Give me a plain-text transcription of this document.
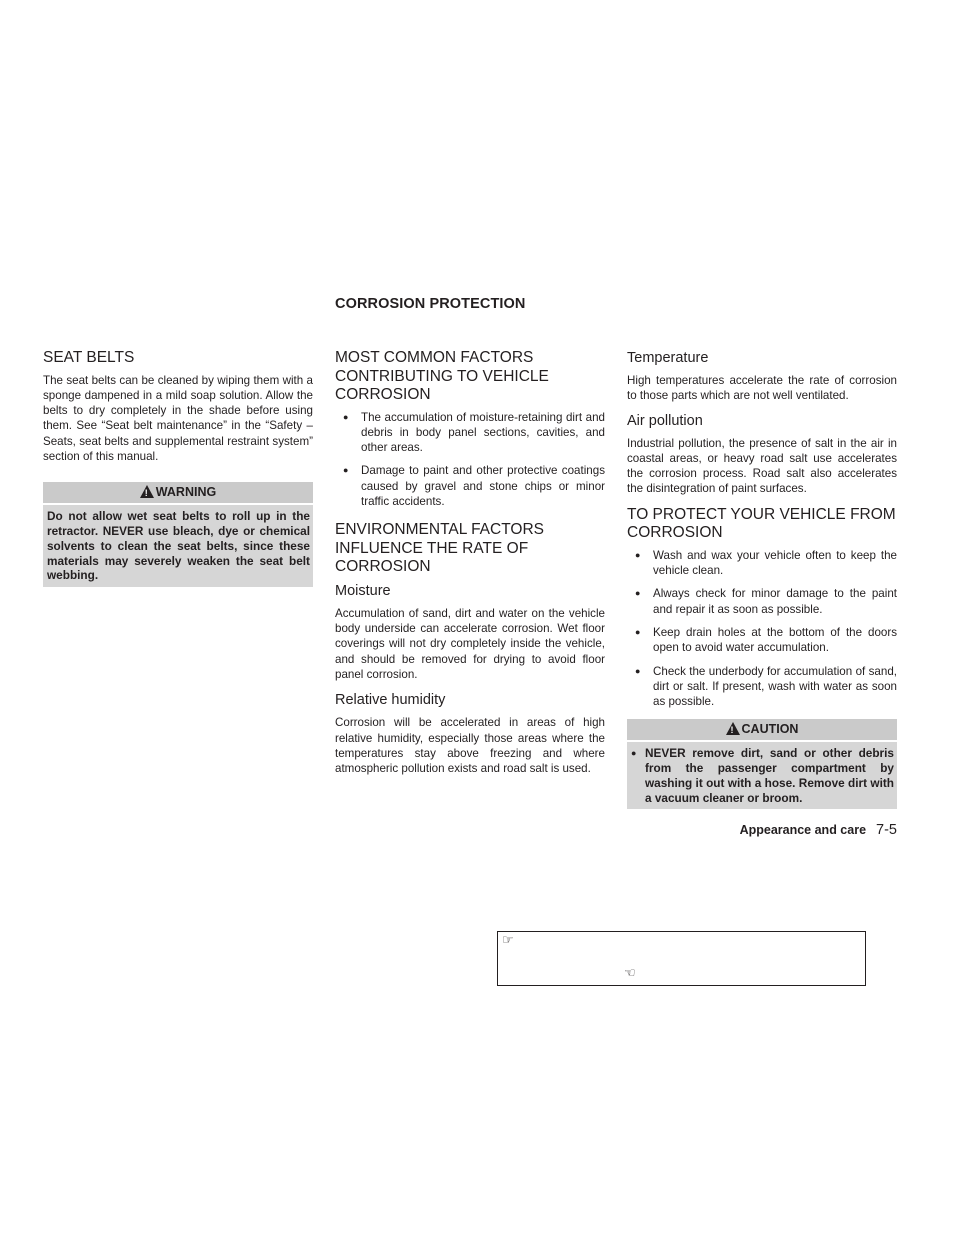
CORROSION PROTECTION
SEAT BELTS

The seat belts can be cleaned by wiping them with a sponge dampened in a mild soap solution. Allow the belts to dry completely in the shade before using them. See “Seat belt maintenance” in the “Safety – Seats, seat belts and supplemental restraint system” section of this manual.

! WARNING
Do not allow wet seat belts to roll up in the retractor. NEVER use bleach, dye or chemical solvents to clean the seat belts, since these materials may severely weaken the seat belt webbing.
MOST COMMON FACTORS CONTRIBUTING TO VEHICLE CORROSION
● The accumulation of moisture-retaining dirt and debris in body panel sections, cavities, and other areas.
● Damage to paint and other protective coatings caused by gravel and stone chips or minor traffic accidents.
ENVIRONMENTAL FACTORS INFLUENCE THE RATE OF CORROSION
Moisture

Accumulation of sand, dirt and water on the vehicle body underside can accelerate corrosion. Wet floor coverings will not dry completely inside the vehicle, and should be removed for drying to avoid floor panel corrosion.

Relative humidity

Corrosion will be accelerated in areas of high relative humidity, especially those areas where the temperatures stay above freezing and where atmospheric pollution exists and road salt is used.

Temperature

High temperatures accelerate the rate of corrosion to those parts which are not well ventilated.

Air pollution

Industrial pollution, the presence of salt in the air in coastal areas, or heavy road salt use accelerates the corrosion process. Road salt also accelerates the disintegration of paint surfaces.

TO PROTECT YOUR VEHICLE FROM CORROSION
● Wash and wax your vehicle often to keep the vehicle clean.
● Always check for minor damage to the paint and repair it as soon as possible.
● Keep drain holes at the bottom of the doors open to avoid water accumulation.
● Check the underbody for accumulation of sand, dirt or salt. If present, wash with water as soon as possible.
! CAUTION
● NEVER remove dirt, sand or other debris from the passenger compartment by washing it out with a hose. Remove dirt with a vacuum cleaner or broom.
Appearance and care 7-5
☞
☜
